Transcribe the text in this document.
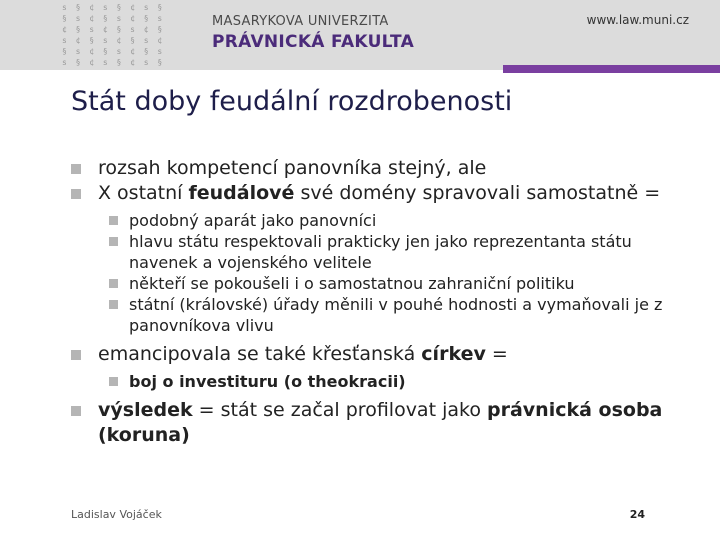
s § ¢ s § ¢ s §
§ s ¢ § s ¢ § s
¢ § s ¢ § s ¢ §
s ¢ § s ¢ § s ¢
§ s ¢ § s ¢ § s
s § ¢ s § ¢ s §
MASARYKOVA UNIVERZITA
PRÁVNICKÁ FAKULTA
www.law.muni.cz
Stát doby feudální rozdrobenosti
rozsah kompetencí panovníka stejný, ale
X ostatní feudálové své domény spravovali samostatně =
podobný aparát jako panovníci
hlavu státu respektovali prakticky jen jako reprezentanta státu navenek a vojenského velitele
někteří se pokoušeli i o samostatnou zahraniční politiku
státní (královské) úřady měnili v pouhé hodnosti a vymaňovali je z panovníkova vlivu
emancipovala se také křesťanská církev =
boj o investituru (o theokracii)
výsledek = stát se začal profilovat jako právnická osoba (koruna)
Ladislav Vojáček	24
